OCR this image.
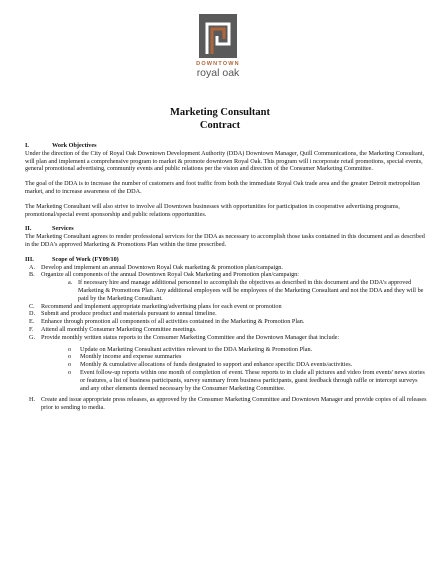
DOWNTOWN
royal oak
Marketing Consultant
Contract

I.	Work Objectives

Under the direction of the City of Royal Oak Downtown Development Authority (DDA) Downtown Manager, Quill Communications, the Marketing Consultant, will plan and implement a comprehensive program to market & promote downtown Royal Oak. This program will i ncorporate retail promotions, special events, general promotional advertising, community events and public relations per the vision and direction of the Consumer Marketing Committee.

The goal of the DDA is to increase the number of customers and foot traffic from both the immediate Royal Oak trade area and the greater Detroit metropolitan market, and to increase awareness of the DDA.

The Marketing Consultant will also strive to involve all Downtown businesses with opportunities for participation in cooperative advertising programs, promotional/special event sponsorship and public relations opportunities.

II.	Services

The Marketing Consultant agrees to render professional services for the DDA as necessary to accomplish those tasks contained in this document and as described in the DDA's approved Marketing & Promotions Plan within the time prescribed.

III.	Scope of Work (FY09/10)

A. Develop and implement an annual Downtown Royal Oak marketing & promotion plan/campaign.
B.	Organize all components of the annual Downtown Royal Oak Marketing and Promotion plan/campaign:
a. If necessary hire and manage additional personnel to accomplish the objectives as described in this document and the DDA's approved Marketing & Promotions Plan. Any additional employees will be employees of the Marketing Consultant and not the DDA and they will be paid by the Marketing Consultant.
C.	Recommend and implement appropriate marketing/advertising plans for each event or promotion
D. Submit and produce product and materials pursuant to annual timeline.
E.	Enhance through promotion all components of all activities contained in the Marketing & Promotion Plan.
F.	Attend all monthly Consumer Marketing Committee meetings.
G. Provide monthly written status reports to the Consumer Marketing Committee and the Downtown Manager that include:
o	Update on Marketing Consultant activities relevant to the DDA Marketing & Promotion Plan.
o	Monthly income and expense summaries
o	Monthly & cumulative allocations of funds designated to support and enhance specific DDA events/activities.
o	Event follow-up reports within one month of completion of event. These reports to in clude all pictures and video from events' news stories or features, a list of business participants, survey summary from business participants, guest feedback through raffle or intercept surveys and any other elements deemed necessary by the Consumer Marketing Committee.
H. Create and issue appropriate press releases, as approved by the Consumer Marketing Committee and Downtown Manager and provide copies of all releases prior to sending to media.
